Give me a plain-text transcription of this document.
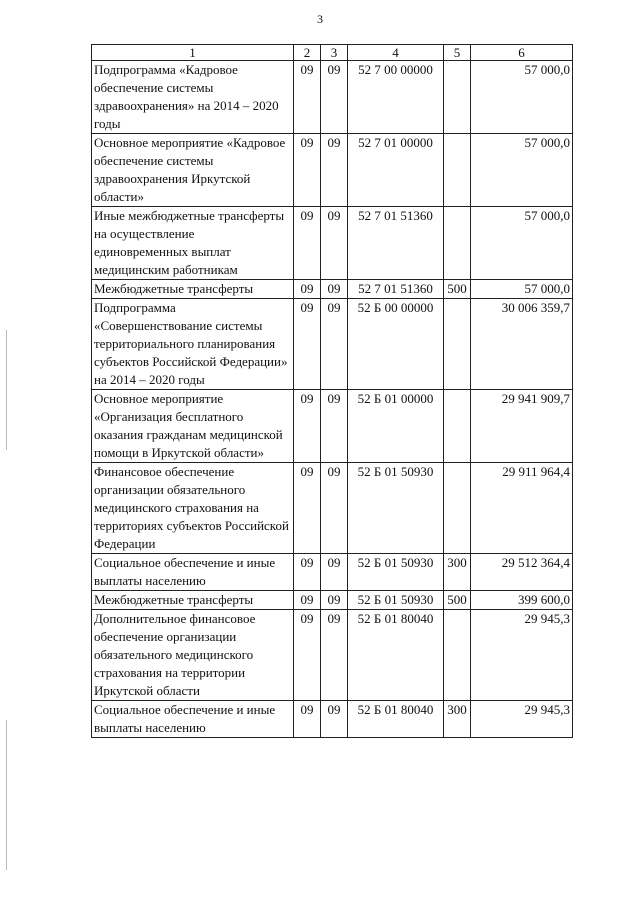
3
1	2	3	4	5	6
Подпрограмма «Кадровое обеспечение системы здравоохранения» на 2014 – 2020 годы	09	09	52 7 00 00000		57 000,0
Основное мероприятие «Кадровое обеспечение системы здравоохранения Иркутской области»	09	09	52 7 01 00000		57 000,0
Иные межбюджетные трансферты на осуществление единовременных выплат медицинским работникам	09	09	52 7 01 51360		57 000,0
Межбюджетные трансферты	09	09	52 7 01 51360	500	57 000,0
Подпрограмма «Совершенствование системы территориального планирования субъектов Российской Федерации» на 2014 – 2020 годы	09	09	52 Б 00 00000		30 006 359,7
Основное мероприятие «Организация бесплатного оказания гражданам медицинской помощи в Иркутской области»	09	09	52 Б 01 00000		29 941 909,7
Финансовое обеспечение организации обязательного медицинского страхования на территориях субъектов Российской Федерации	09	09	52 Б 01 50930		29 911 964,4
Социальное обеспечение и иные выплаты населению	09	09	52 Б 01 50930	300	29 512 364,4
Межбюджетные трансферты	09	09	52 Б 01 50930	500	399 600,0
Дополнительное финансовое обеспечение организации обязательного медицинского страхования на территории Иркутской области	09	09	52 Б 01 80040		29 945,3
Социальное обеспечение и иные выплаты населению	09	09	52 Б 01 80040	300	29 945,3
